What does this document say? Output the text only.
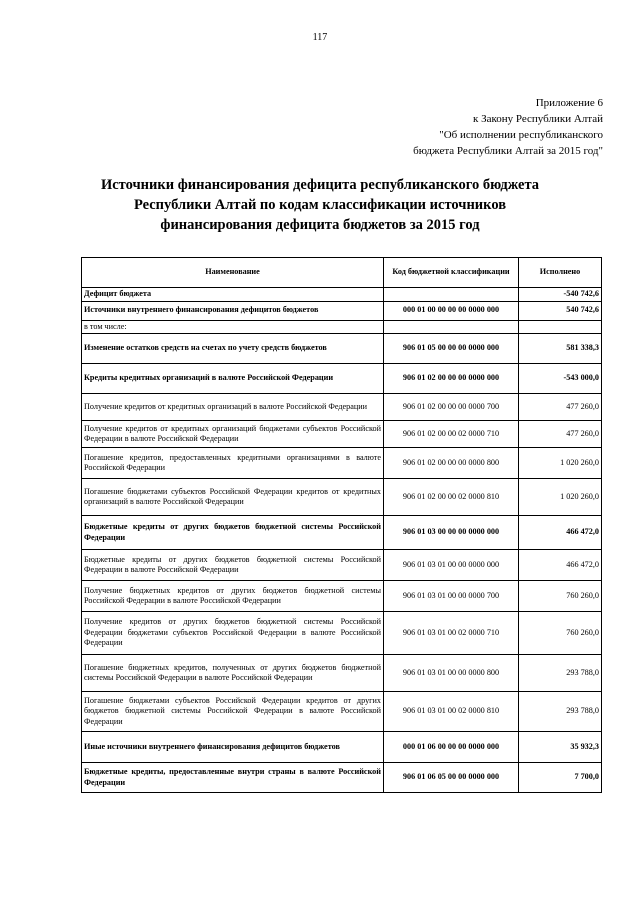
117
Приложение 6
к Закону Республики Алтай
"Об исполнении республиканского
бюджета Республики Алтай за 2015 год"
Источники финансирования дефицита республиканского бюджета
Республики Алтай по кодам классификации источников
финансирования дефицита бюджетов за 2015 год
Наименование	Код бюджетной классификации	Исполнено
Дефицит бюджета		-540 742,6
Источники внутреннего финансирования дефицитов бюджетов	000 01 00 00 00 00 0000 000	540 742,6
в том числе:		
Изменение остатков средств на счетах по учету средств бюджетов	906 01 05 00 00 00 0000 000	581 338,3
Кредиты кредитных организаций в валюте Российской Федерации	906 01 02 00 00 00 0000 000	-543 000,0
Получение кредитов от кредитных организаций в валюте Российской Федерации	906 01 02 00 00 00 0000 700	477 260,0
Получение кредитов от кредитных организаций бюджетами субъектов Российской Федерации в валюте Российской Федерации	906 01 02 00 00 02 0000 710	477 260,0
Погашение кредитов, предоставленных кредитными организациями в валюте Российской Федерации	906 01 02 00 00 00 0000 800	1 020 260,0
Погашение бюджетами субъектов Российской Федерации кредитов от кредитных организаций в валюте Российской Федерации	906 01 02 00 00 02 0000 810	1 020 260,0
Бюджетные кредиты от других бюджетов бюджетной системы Российской Федерации	906 01 03 00 00 00 0000 000	466 472,0
Бюджетные кредиты от других бюджетов бюджетной системы Российской Федерации в валюте Российской Федерации	906 01 03 01 00 00 0000 000	466 472,0
Получение бюджетных кредитов от других бюджетов бюджетной системы Российской Федерации в валюте Российской Федерации	906 01 03 01 00 00 0000 700	760 260,0
Получение кредитов от других бюджетов бюджетной системы Российской Федерации бюджетами субъектов Российской Федерации в валюте Российской Федерации	906 01 03 01 00 02 0000 710	760 260,0
Погашение бюджетных кредитов, полученных от других бюджетов бюджетной системы Российской Федерации в валюте Российской Федерации	906 01 03 01 00 00 0000 800	293 788,0
Погашение бюджетами субъектов Российской Федерации кредитов от других бюджетов бюджетной системы Российской Федерации в валюте Российской Федерации	906 01 03 01 00 02 0000 810	293 788,0
Иные источники внутреннего финансирования дефицитов бюджетов	000 01 06 00 00 00 0000 000	35 932,3
Бюджетные кредиты, предоставленные внутри страны в валюте Российской Федерации	906 01 06 05 00 00 0000 000	7 700,0
